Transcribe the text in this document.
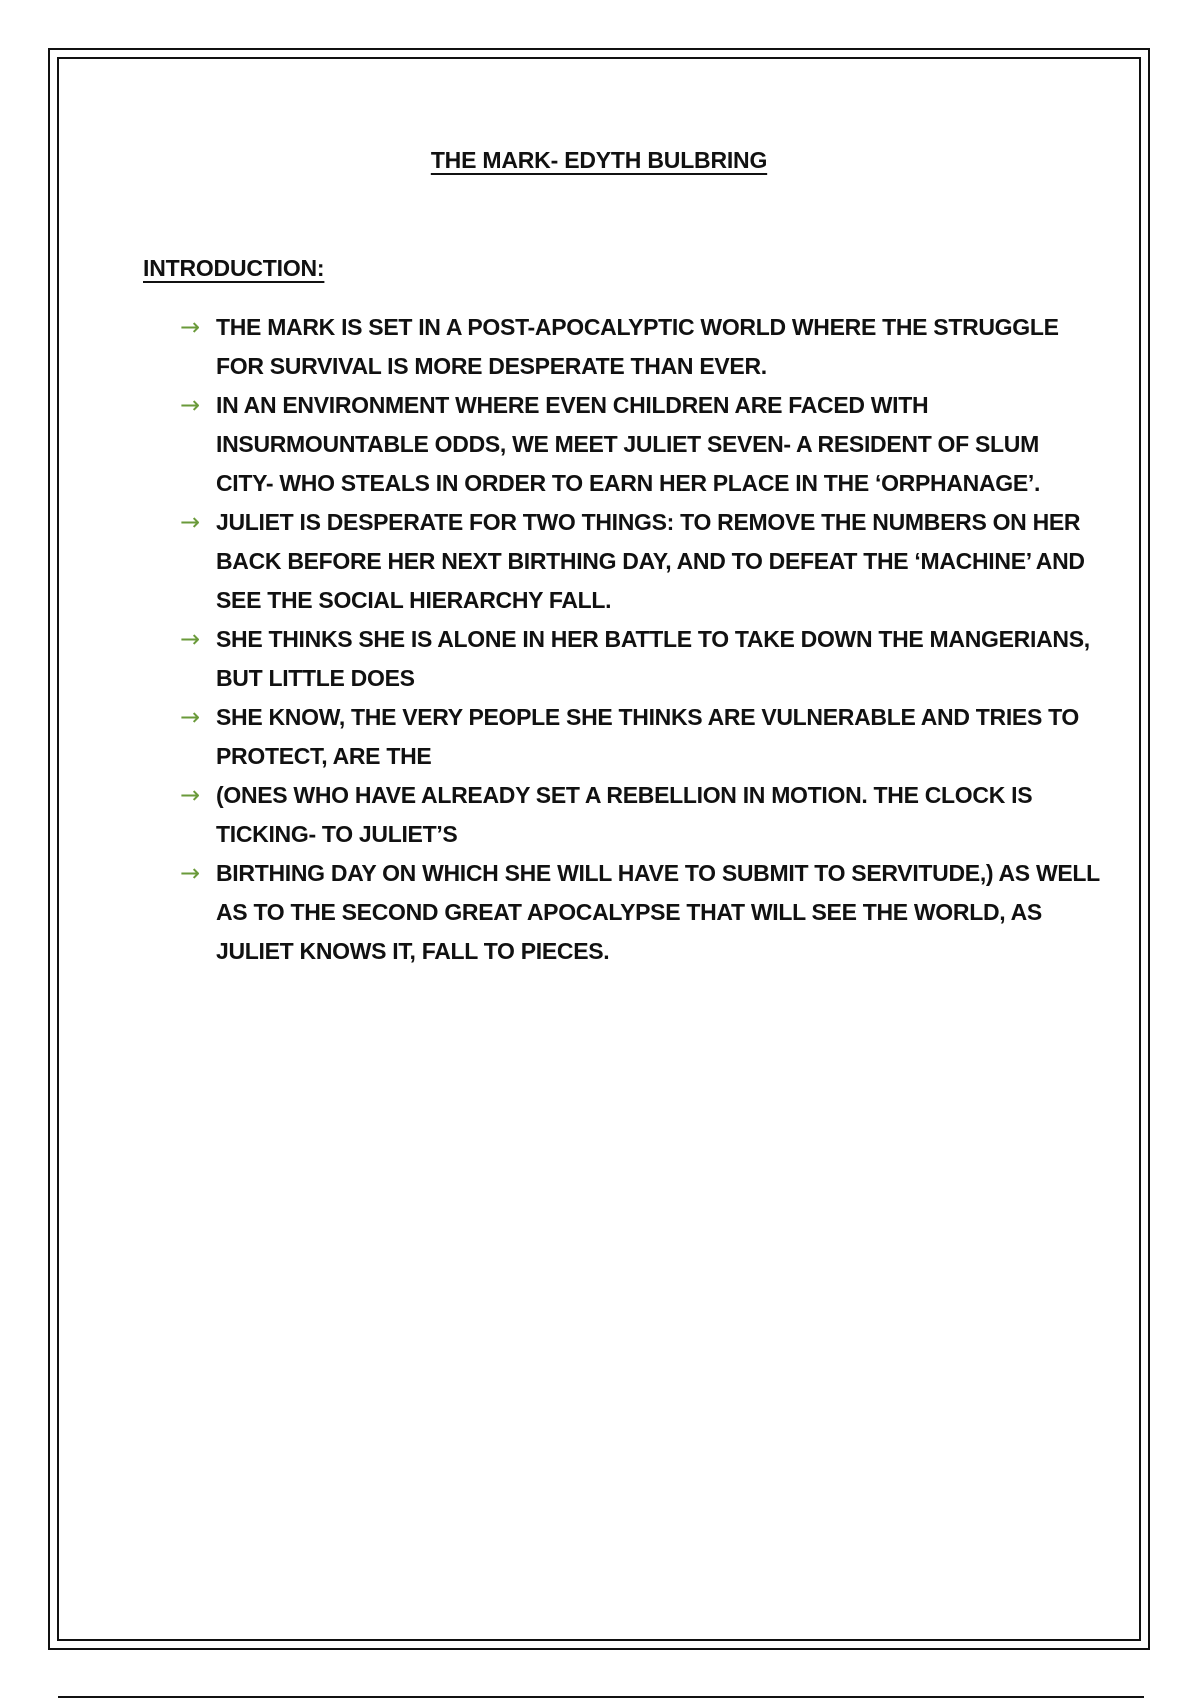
THE MARK- EDYTH BULBRING
INTRODUCTION:
→ THE MARK IS SET IN A POST-APOCALYPTIC WORLD WHERE THE STRUGGLE FOR SURVIVAL IS MORE DESPERATE THAN EVER.
→ IN AN ENVIRONMENT WHERE EVEN CHILDREN ARE FACED WITH INSURMOUNTABLE ODDS, WE MEET JULIET SEVEN- A RESIDENT OF SLUM CITY- WHO STEALS IN ORDER TO EARN HER PLACE IN THE ‘ORPHANAGE’.
→ JULIET IS DESPERATE FOR TWO THINGS: TO REMOVE THE NUMBERS ON HER BACK BEFORE HER NEXT BIRTHING DAY, AND TO DEFEAT THE ‘MACHINE’ AND SEE THE SOCIAL HIERARCHY FALL.
→ SHE THINKS SHE IS ALONE IN HER BATTLE TO TAKE DOWN THE MANGERIANS, BUT LITTLE DOES
→ SHE KNOW, THE VERY PEOPLE SHE THINKS ARE VULNERABLE AND TRIES TO PROTECT, ARE THE
→ (ONES WHO HAVE ALREADY SET A REBELLION IN MOTION. THE CLOCK IS TICKING- TO JULIET’S
→ BIRTHING DAY ON WHICH SHE WILL HAVE TO SUBMIT TO SERVITUDE,) AS WELL AS TO THE SECOND GREAT APOCALYPSE THAT WILL SEE THE WORLD, AS JULIET KNOWS IT, FALL TO PIECES.
